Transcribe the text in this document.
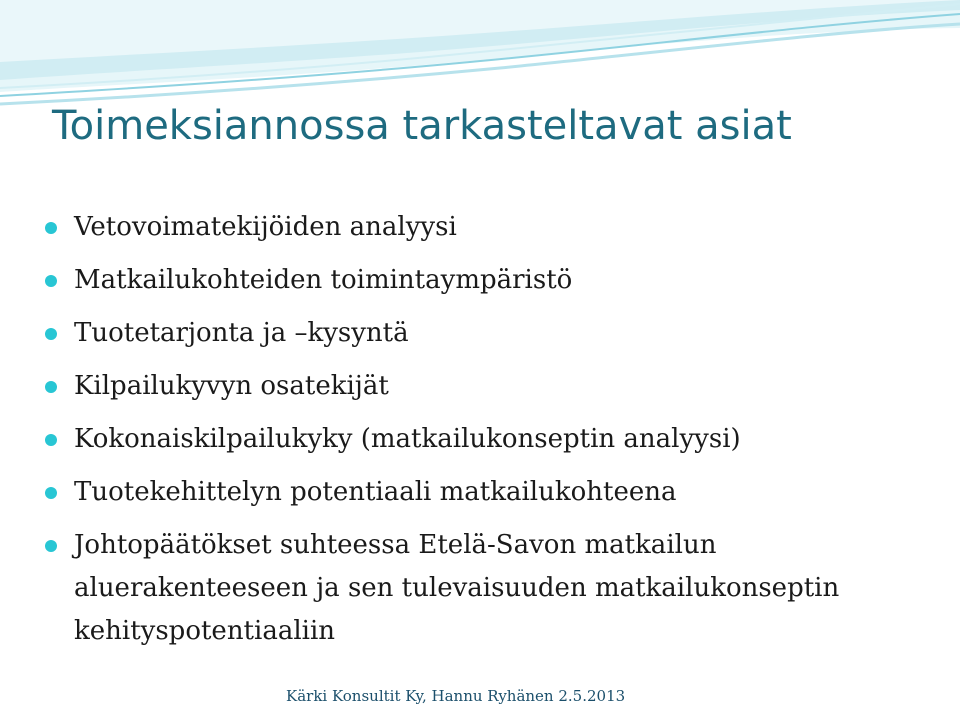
Toimeksiannossa tarkasteltavat asiat
Vetovoimatekijöiden analyysi
Matkailukohteiden toimintaympäristö
Tuotetarjonta ja –kysyntä
Kilpailukyvyn osatekijät
Kokonaiskilpailukyky (matkailukonseptin analyysi)
Tuotekehittelyn potentiaali matkailukohteena
Johtopäätökset suhteessa Etelä-Savon matkailun aluerakenteeseen ja sen tulevaisuuden matkailukonseptin kehityspotentiaaliin
Kärki Konsultit Ky, Hannu Ryhänen 2.5.2013
